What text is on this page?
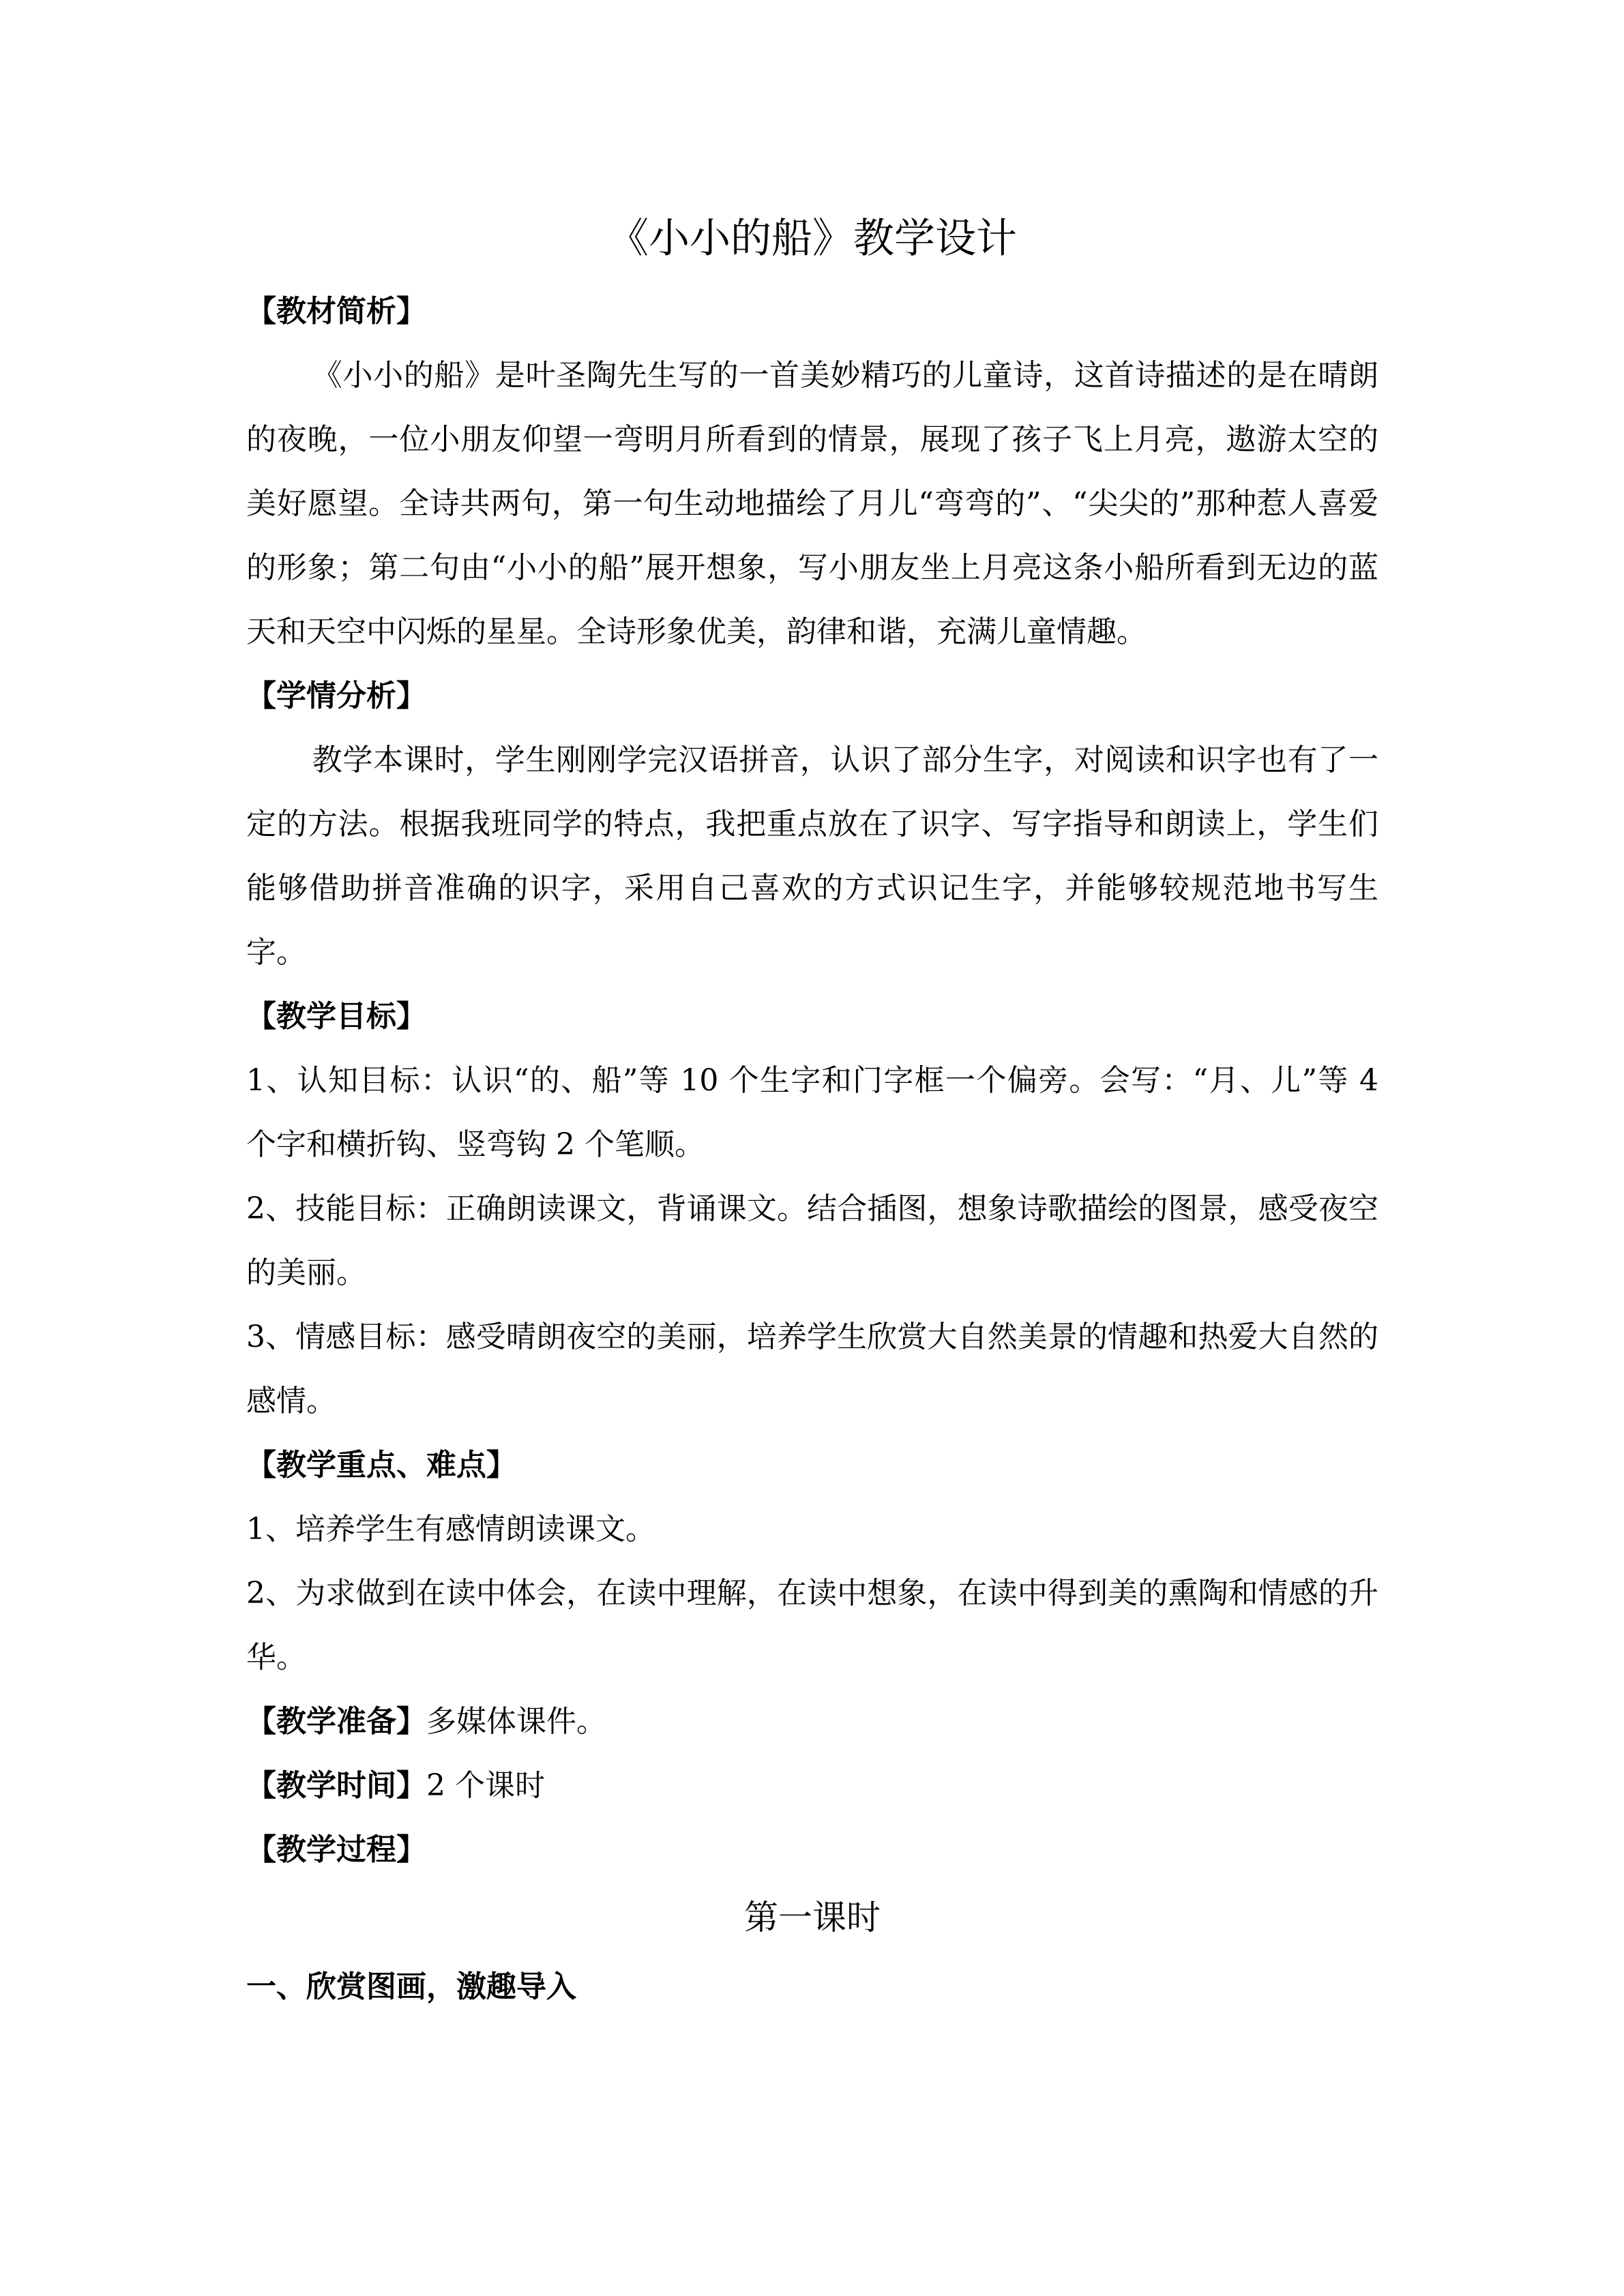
《小小的船》教学设计
【教材简析】

《小小的船》是叶圣陶先生写的一首美妙精巧的儿童诗，这首诗描述的是在晴朗的夜晚，一位小朋友仰望一弯明月所看到的情景，展现了孩子飞上月亮，遨游太空的美好愿望。全诗共两句，第一句生动地描绘了月儿“弯弯的”、“尖尖的”那种惹人喜爱的形象；第二句由“小小的船”展开想象，写小朋友坐上月亮这条小船所看到无边的蓝天和天空中闪烁的星星。全诗形象优美，韵律和谐，充满儿童情趣。

【学情分析】

教学本课时，学生刚刚学完汉语拼音，认识了部分生字，对阅读和识字也有了一定的方法。根据我班同学的特点，我把重点放在了识字、写字指导和朗读上，学生们能够借助拼音准确的识字，采用自己喜欢的方式识记生字，并能够较规范地书写生字。

【教学目标】

1、认知目标：认识“的、船”等 10 个生字和门字框一个偏旁。会写：“月、儿”等 4 个字和横折钩、竖弯钩 2 个笔顺。

2、技能目标：正确朗读课文，背诵课文。结合插图，想象诗歌描绘的图景，感受夜空的美丽。

3、情感目标：感受晴朗夜空的美丽，培养学生欣赏大自然美景的情趣和热爱大自然的感情。

【教学重点、难点】

1、培养学生有感情朗读课文。

2、为求做到在读中体会，在读中理解，在读中想象，在读中得到美的熏陶和情感的升华。

【教学准备】多媒体课件。
【教学时间】2 个课时
【教学过程】
第一课时
一、欣赏图画，激趣导入
